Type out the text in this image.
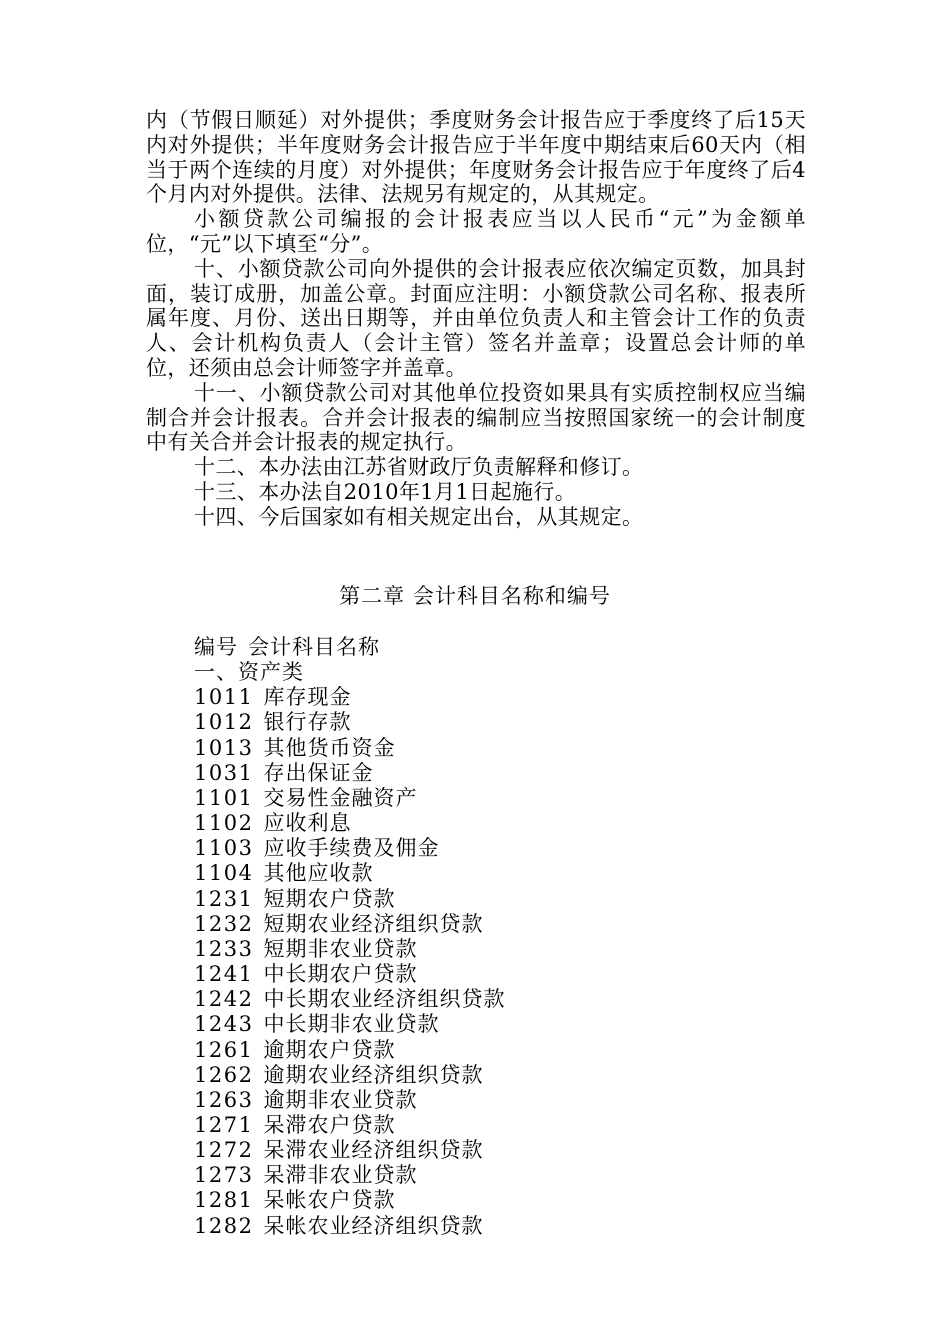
内（节假日顺延）对外提供；季度财务会计报告应于季度终了后15天内对外提供；半年度财务会计报告应于半年度中期结束后60天内（相当于两个连续的月度）对外提供；年度财务会计报告应于年度终了后4个月内对外提供。法律、法规另有规定的，从其规定。

小额贷款公司编报的会计报表应当以人民币“元”为金额单位，“元”以下填至“分”。

十、小额贷款公司向外提供的会计报表应依次编定页数，加具封面，装订成册，加盖公章。封面应注明：小额贷款公司名称、报表所属年度、月份、送出日期等，并由单位负责人和主管会计工作的负责人、会计机构负责人（会计主管）签名并盖章；设置总会计师的单位，还须由总会计师签字并盖章。

十一、小额贷款公司对其他单位投资如果具有实质控制权应当编制合并会计报表。合并会计报表的编制应当按照国家统一的会计制度中有关合并会计报表的规定执行。

十二、本办法由江苏省财政厅负责解释和修订。

十三、本办法自2010年1月1日起施行。

十四、今后国家如有相关规定出台，从其规定。

第二章 会计科目名称和编号
编号 会计科目名称
一、资产类
1011 库存现金
1012 银行存款
1013 其他货币资金
1031 存出保证金
1101 交易性金融资产
1102 应收利息
1103 应收手续费及佣金
1104 其他应收款
1231 短期农户贷款
1232 短期农业经济组织贷款
1233 短期非农业贷款
1241 中长期农户贷款
1242 中长期农业经济组织贷款
1243 中长期非农业贷款
1261 逾期农户贷款
1262 逾期农业经济组织贷款
1263 逾期非农业贷款
1271 呆滞农户贷款
1272 呆滞农业经济组织贷款
1273 呆滞非农业贷款
1281 呆帐农户贷款
1282 呆帐农业经济组织贷款
